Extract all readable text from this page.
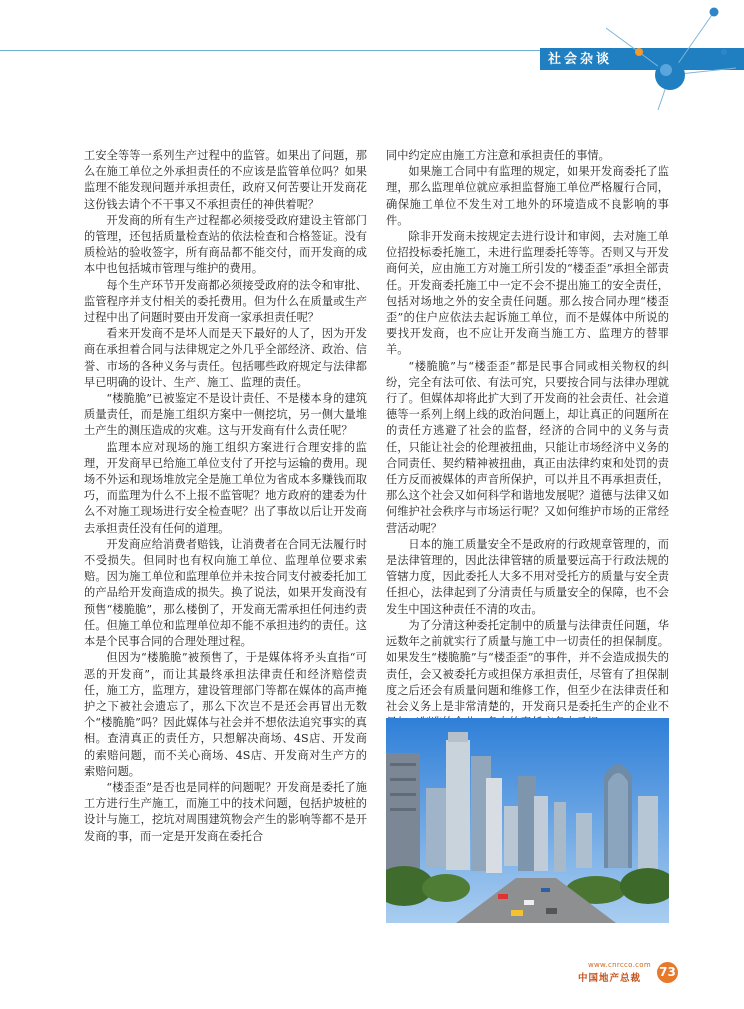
社会杂谈

工安全等等一系列生产过程中的监管。如果出了问题，那么在施工单位之外承担责任的不应该是监管单位吗？如果监理不能发现问题并承担责任，政府又何苦要让开发商花这份钱去请个不干事又不承担责任的神供着呢？

开发商的所有生产过程都必须接受政府建设主管部门的管理，还包括质量检查站的依法检查和合格签证。没有质检站的验收签字，所有商品都不能交付，而开发商的成本中也包括城市管理与维护的费用。

每个生产环节开发商都必须接受政府的法令和审批、监管程序并支付相关的委托费用。但为什么在质量或生产过程中出了问题时要由开发商一家承担责任呢？

看来开发商不是坏人而是天下最好的人了，因为开发商在承担着合同与法律规定之外几乎全部经济、政治、信誉、市场的各种义务与责任。包括哪些政府规定与法律都早已明确的设计、生产、施工、监理的责任。

“楼脆脆”已被鉴定不是设计责任、不是楼本身的建筑质量责任，而是施工组织方案中一侧挖坑，另一侧大量堆土产生的测压造成的灾难。这与开发商有什么责任呢？

监理本应对现场的施工组织方案进行合理安排的监理，开发商早已给施工单位支付了开挖与运输的费用。现场不外运和现场堆放完全是施工单位为省成本多赚钱而取巧，而监理为什么不上报不监管呢？地方政府的建委为什么不对施工现场进行安全检查呢？出了事故以后让开发商去承担责任没有任何的道理。

开发商应给消费者赔钱，让消费者在合同无法履行时不受损失。但同时也有权向施工单位、监理单位要求索赔。因为施工单位和监理单位并未按合同支付被委托加工的产品给开发商造成的损失。换了说法，如果开发商没有预售“楼脆脆”，那么楼倒了，开发商无需承担任何违约责任。但施工单位和监理单位却不能不承担违约的责任。这本是个民事合同的合理处理过程。

但因为“楼脆脆”被预售了，于是媒体将矛头直指“可恶的开发商”，而让其最终承担法律责任和经济赔偿责任，施工方，监理方，建设管理部门等都在媒体的高声掩护之下被社会遗忘了，那么下次岂不是还会再冒出无数个“楼脆脆”吗？因此媒体与社会并不想依法追究事实的真相。查清真正的责任方，只想解决商场、4S店、开发商的索赔问题，而不关心商场、4S店、开发商对生产方的索赔问题。

“楼歪歪”是否也是同样的问题呢？开发商是委托了施工方进行生产施工，而施工中的技术问题，包括护坡桩的设计与施工，挖坑对周围建筑物会产生的影响等都不是开发商的事，而一定是开发商在委托合

同中约定应由施工方注意和承担责任的事情。

如果施工合同中有监理的规定，如果开发商委托了监理，那么监理单位就应承担监督施工单位严格履行合同，确保施工单位不发生对工地外的环境造成不良影响的事件。

除非开发商未按规定去进行设计和审阅，去对施工单位招投标委托施工，未进行监理委托等等。否则又与开发商何关，应由施工方对施工所引发的“楼歪歪”承担全部责任。开发商委托施工中一定不会不提出施工的安全责任，包括对场地之外的安全责任问题。那么按合同办理“楼歪歪”的住户应依法去起诉施工单位，而不是媒体中所说的要找开发商，也不应让开发商当施工方、监理方的替罪羊。

“楼脆脆”与“楼歪歪”都是民事合同或相关物权的纠纷，完全有法可依、有法可究，只要按合同与法律办理就行了。但媒体却将此扩大到了开发商的社会责任、社会道德等一系列上纲上线的政治问题上，却让真正的问题所在的责任方逃避了社会的监督，经济的合同中的义务与责任，只能让社会的伦理被扭曲，只能让市场经济中义务的合同责任、契约精神被扭曲，真正由法律约束和处罚的责任方反而被媒体的声音所保护，可以并且不再承担责任，那么这个社会又如何科学和谐地发展呢？道德与法律又如何维护社会秩序与市场运行呢？又如何维护市场的正常经营活动呢？

日本的施工质量安全不是政府的行政规章管理的，而是法律管理的，因此法律管辖的质量要远高于行政法规的管辖力度，因此委托人大多不用对受托方的质量与安全责任担心，法律起到了分清责任与质量安全的保障，也不会发生中国这种责任不清的攻击。

为了分清这种委托定制中的质量与法律责任问题，华远数年之前就实行了质量与施工中一切责任的担保制度。如果发生“楼脆脆”与“楼歪歪”的事件，并不会造成损失的责任，会又被委托方或担保方承担责任，尽管有了担保制度之后还会有质量问题和维修工作，但至少在法律责任和社会义务上是非常清楚的，开发商只是委托生产的企业不

www.cnrcco.com
中国地产总裁 73
